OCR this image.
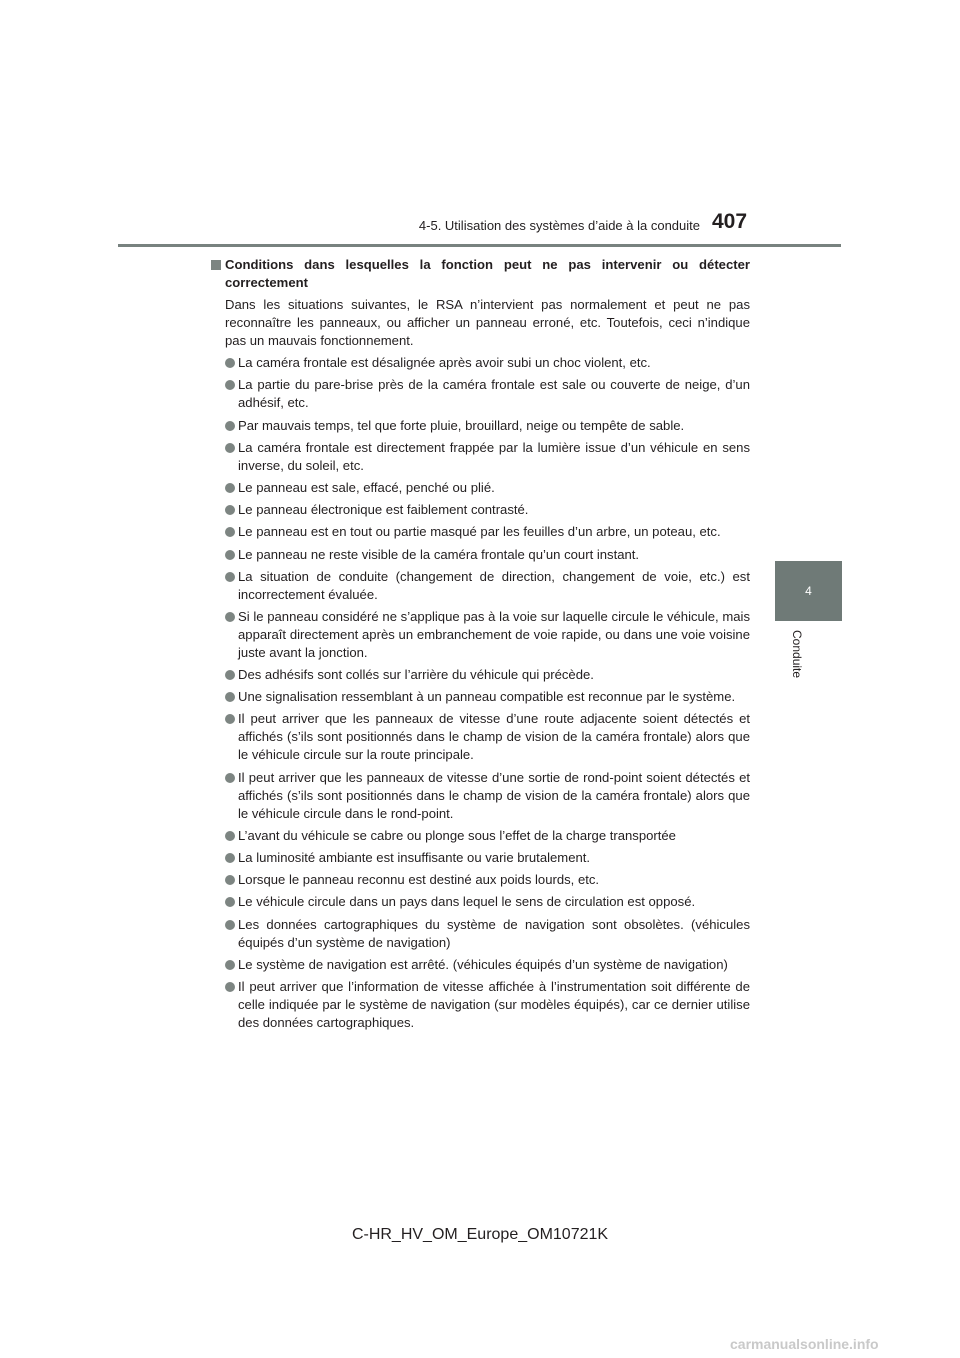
4-5. Utilisation des systèmes d’aide à la conduite 407
4
Conduite
Conditions dans lesquelles la fonction peut ne pas intervenir ou détecter correctement
Dans les situations suivantes, le RSA n’intervient pas normalement et peut ne pas reconnaître les panneaux, ou afficher un panneau erroné, etc. Toutefois, ceci n’indique pas un mauvais fonctionnement.
La caméra frontale est désalignée après avoir subi un choc violent, etc.
La partie du pare-brise près de la caméra frontale est sale ou couverte de neige, d’un adhésif, etc.
Par mauvais temps, tel que forte pluie, brouillard, neige ou tempête de sable.
La caméra frontale est directement frappée par la lumière issue d’un véhicule en sens inverse, du soleil, etc.
Le panneau est sale, effacé, penché ou plié.
Le panneau électronique est faiblement contrasté.
Le panneau est en tout ou partie masqué par les feuilles d’un arbre, un poteau, etc.
Le panneau ne reste visible de la caméra frontale qu’un court instant.
La situation de conduite (changement de direction, changement de voie, etc.) est incorrectement évaluée.
Si le panneau considéré ne s’applique pas à la voie sur laquelle circule le véhicule, mais apparaît directement après un embranchement de voie rapide, ou dans une voie voisine juste avant la jonction.
Des adhésifs sont collés sur l’arrière du véhicule qui précède.
Une signalisation ressemblant à un panneau compatible est reconnue par le système.
Il peut arriver que les panneaux de vitesse d’une route adjacente soient détectés et affichés (s’ils sont positionnés dans le champ de vision de la caméra frontale) alors que le véhicule circule sur la route principale.
Il peut arriver que les panneaux de vitesse d’une sortie de rond-point soient détectés et affichés (s’ils sont positionnés dans le champ de vision de la caméra frontale) alors que le véhicule circule dans le rond-point.
L’avant du véhicule se cabre ou plonge sous l’effet de la charge transportée
La luminosité ambiante est insuffisante ou varie brutalement.
Lorsque le panneau reconnu est destiné aux poids lourds, etc.
Le véhicule circule dans un pays dans lequel le sens de circulation est opposé.
Les données cartographiques du système de navigation sont obsolètes. (véhicules équipés d’un système de navigation)
Le système de navigation est arrêté. (véhicules équipés d’un système de navigation)
Il peut arriver que l’information de vitesse affichée à l’instrumentation soit différente de celle indiquée par le système de navigation (sur modèles équipés), car ce dernier utilise des données cartographiques.
C-HR_HV_OM_Europe_OM10721K
carmanualsonline.info
